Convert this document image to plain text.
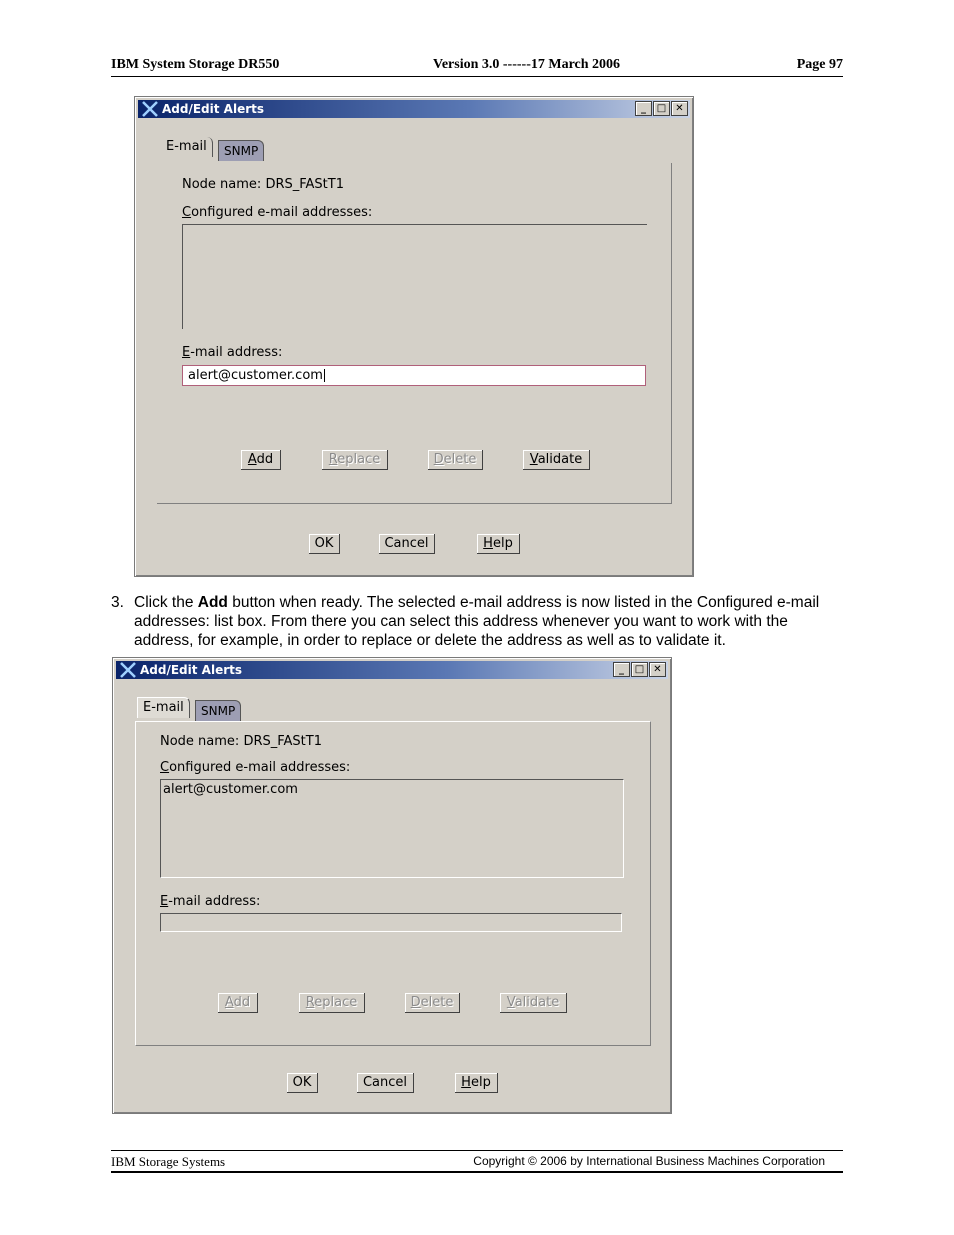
IBM System Storage DR550	Version 3.0 ------17 March 2006	Page 97
Add/Edit Alerts	_	□ ✕
E-mail	SNMP
Node name: DRS_FAStT1
Configured e-mail addresses:
E-mail address:
alert@customer.com
Add	Replace	Delete	Validate
OK	Cancel	Help
3. Click the Add button when ready. The selected e-mail address is now listed in the Configured e-mail addresses: list box. From there you can select this address whenever you want to work with the address, for example, in order to replace or delete the address as well as to validate it.
Add/Edit Alerts	_	□ ✕
E-mail	SNMP
Node name: DRS_FAStT1
Configured e-mail addresses:
alert@customer.com
E-mail address:
Add	Replace	Delete	Validate
OK	Cancel	Help
IBM Storage Systems	Copyright © 2006 by International Business Machines Corporation
